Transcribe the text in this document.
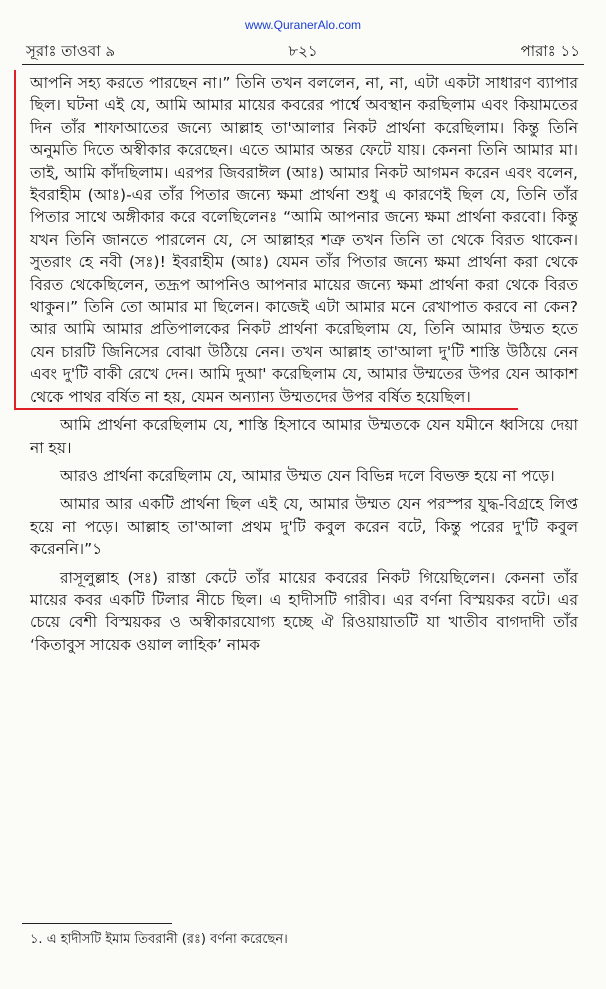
www.QuranerAlo.com
সূরাঃ তাওবা ৯	৮২১	পারাঃ ১১

আপনি সহ্য করতে পারছেন না।” তিনি তখন বললেন, না, না, এটা একটা সাধারণ ব্যাপার ছিল। ঘটনা এই যে, আমি আমার মায়ের কবরের পার্শ্বে অবস্থান করছিলাম এবং কিয়ামতের দিন তাঁর শাফাআতের জন্যে আল্লাহ তা'আলার নিকট প্রার্থনা করেছিলাম। কিন্তু তিনি অনুমতি দিতে অস্বীকার করেছেন। এতে আমার অন্তর ফেটে যায়। কেননা তিনি আমার মা। তাই, আমি কাঁদছিলাম। এরপর জিবরাঈল (আঃ) আমার নিকট আগমন করেন এবং বলেন, ইবরাহীম (আঃ)-এর তাঁর পিতার জন্যে ক্ষমা প্রার্থনা শুধু এ কারণেই ছিল যে, তিনি তাঁর পিতার সাথে অঙ্গীকার করে বলেছিলেনঃ “আমি আপনার জন্যে ক্ষমা প্রার্থনা করবো। কিন্তু যখন তিনি জানতে পারলেন যে, সে আল্লাহর শত্রু তখন তিনি তা থেকে বিরত থাকেন। সুতরাং হে নবী (সঃ)! ইবরাহীম (আঃ) যেমন তাঁর পিতার জন্যে ক্ষমা প্রার্থনা করা থেকে বিরত থেকেছিলেন, তদ্রূপ আপনিও আপনার মায়ের জন্যে ক্ষমা প্রার্থনা করা থেকে বিরত থাকুন।” তিনি তো আমার মা ছিলেন। কাজেই এটা আমার মনে রেখাপাত করবে না কেন? আর আমি আমার প্রতিপালকের নিকট প্রার্থনা করেছিলাম যে, তিনি আমার উম্মত হতে যেন চারটি জিনিসের বোঝা উঠিয়ে নেন। তখন আল্লাহ তা'আলা দু'টি শাস্তি উঠিয়ে নেন এবং দু'টি বাকী রেখে দেন। আমি দুআ' করেছিলাম যে, আমার উম্মতের উপর যেন আকাশ থেকে পাথর বর্ষিত না হয়, যেমন অন্যান্য উম্মতদের উপর বর্ষিত হয়েছিল।

আমি প্রার্থনা করেছিলাম যে, শাস্তি হিসাবে আমার উম্মতকে যেন যমীনে ধ্বসিয়ে দেয়া না হয়।

আরও প্রার্থনা করেছিলাম যে, আমার উম্মত যেন বিভিন্ন দলে বিভক্ত হয়ে না পড়ে।

আমার আর একটি প্রার্থনা ছিল এই যে, আমার উম্মত যেন পরস্পর যুদ্ধ-বিগ্রহে লিপ্ত হয়ে না পড়ে। আল্লাহ তা'আলা প্রথম দু'টি কবুল করেন বটে, কিন্তু পরের দু'টি কবুল করেননি।”১

রাসূলুল্লাহ (সঃ) রাস্তা কেটে তাঁর মায়ের কবরের নিকট গিয়েছিলেন। কেননা তাঁর মায়ের কবর একটি টিলার নীচে ছিল। এ হাদীসটি গারীব। এর বর্ণনা বিস্ময়কর বটে। এর চেয়ে বেশী বিস্ময়কর ও অস্বীকারযোগ্য হচ্ছে ঐ রিওয়ায়াতটি যা খাতীব বাগদাদী তাঁর ‘কিতাবুস সায়েক ওয়াল লাহিক’ নামক

১. এ হাদীসটি ইমাম তিবরানী (রঃ) বর্ণনা করেছেন।
